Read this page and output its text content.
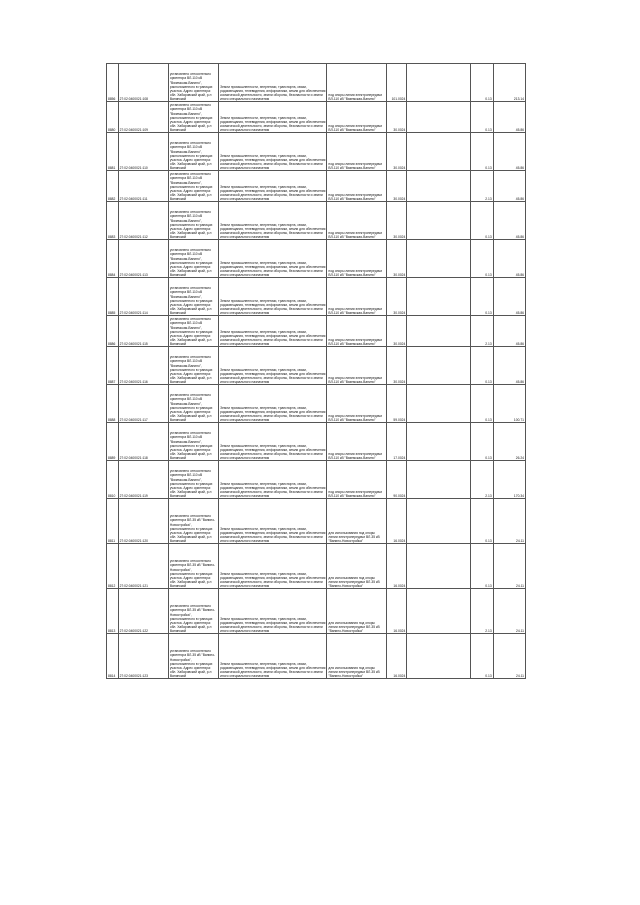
8856	27:02:0400021:108	установлено относительно ориентира ВЛ-110 кВ "Вяземская-Ванино", расположенного в границах участка. Адрес ориентира: обл. Хабаровский край, р-н Ванинский	Земли промышленности, энергетики, транспорта, связи, радиовещания, телевидения, информатики, земли для обеспечения космической деятельности, земли обороны, безопасности и земли иного специального назначения	под опоры линии электропередачи ВЛ-110 кВ "Вяземская-Ванино"	101.0024		0.13	213.14
8880	27:02:0400021:109	установлено относительно ориентира ВЛ-110 кВ "Вяземская-Ванино", расположенного в границах участка. Адрес ориентира: обл. Хабаровский край, р-н Ванинский	Земли промышленности, энергетики, транспорта, связи, радиовещания, телевидения, информатики, земли для обеспечения космической деятельности, земли обороны, безопасности и земли иного специального назначения	под опоры линии электропередачи ВЛ-110 кВ "Вяземская-Ванино"	30.0024		0.13	45.86
8881	27:02:0400021:110	установлено относительно ориентира ВЛ-110 кВ "Вяземская-Ванино", расположенного в границах участка. Адрес ориентира: обл. Хабаровский край, р-н Ванинский	Земли промышленности, энергетики, транспорта, связи, радиовещания, телевидения, информатики, земли для обеспечения космической деятельности, земли обороны, безопасности и земли иного специального назначения	под опоры линии электропередачи ВЛ-110 кВ "Вяземская-Ванино"	30.0024		0.13	45.86
8882	27:02:0400021:111	установлено относительно ориентира ВЛ-110 кВ "Вяземская-Ванино", расположенного в границах участка. Адрес ориентира: обл. Хабаровский край, р-н Ванинский	Земли промышленности, энергетики, транспорта, связи, радиовещания, телевидения, информатики, земли для обеспечения космической деятельности, земли обороны, безопасности и земли иного специального назначения	под опоры линии электропередачи ВЛ-110 кВ "Вяземская-Ванино"	30.0024		2.13	45.86
8883	27:02:0400021:112	установлено относительно ориентира ВЛ-110 кВ "Вяземская-Ванино", расположенного в границах участка. Адрес ориентира: обл. Хабаровский край, р-н Ванинский	Земли промышленности, энергетики, транспорта, связи, радиовещания, телевидения, информатики, земли для обеспечения космической деятельности, земли обороны, безопасности и земли иного специального назначения	под опоры линии электропередачи ВЛ-110 кВ "Вяземская-Ванино"	30.0024		0.13	45.86
8884	27:02:0400021:113	установлено относительно ориентира ВЛ-110 кВ "Вяземская-Ванино", расположенного в границах участка. Адрес ориентира: обл. Хабаровский край, р-н Ванинский	Земли промышленности, энергетики, транспорта, связи, радиовещания, телевидения, информатики, земли для обеспечения космической деятельности, земли обороны, безопасности и земли иного специального назначения	под опоры линии электропередачи ВЛ-110 кВ "Вяземская-Ванино"	30.0024		0.13	45.86
8885	27:02:0400021:114	установлено относительно ориентира ВЛ-110 кВ "Вяземская-Ванино", расположенного в границах участка. Адрес ориентира: обл. Хабаровский край, р-н Ванинский	Земли промышленности, энергетики, транспорта, связи, радиовещания, телевидения, информатики, земли для обеспечения космической деятельности, земли обороны, безопасности и земли иного специального назначения	под опоры линии электропередачи ВЛ-110 кВ "Вяземская-Ванино"	30.0024		0.13	45.86
8886	27:02:0400021:115	установлено относительно ориентира ВЛ-110 кВ "Вяземская-Ванино", расположенного в границах участка. Адрес ориентира: обл. Хабаровский край, р-н Ванинский	Земли промышленности, энергетики, транспорта, связи, радиовещания, телевидения, информатики, земли для обеспечения космической деятельности, земли обороны, безопасности и земли иного специального назначения	под опоры линии электропередачи ВЛ-110 кВ "Вяземская-Ванино"	30.0024		2.13	45.86
8887	27:02:0400021:116	установлено относительно ориентира ВЛ-110 кВ "Вяземская-Ванино", расположенного в границах участка. Адрес ориентира: обл. Хабаровский край, р-н Ванинский	Земли промышленности, энергетики, транспорта, связи, радиовещания, телевидения, информатики, земли для обеспечения космической деятельности, земли обороны, безопасности и земли иного специального назначения	под опоры линии электропередачи ВЛ-110 кВ "Вяземская-Ванино"	30.0024		0.13	45.86
8888	27:02:0400021:117	установлено относительно ориентира ВЛ-110 кВ "Вяземская-Ванино", расположенного в границах участка. Адрес ориентира: обл. Хабаровский край, р-н Ванинский	Земли промышленности, энергетики, транспорта, связи, радиовещания, телевидения, информатики, земли для обеспечения космической деятельности, земли обороны, безопасности и земли иного специального назначения	под опоры линии электропередачи ВЛ-110 кВ "Вяземская-Ванино"	59.0024		0.13	100.71
8889	27:02:0400021:118	установлено относительно ориентира ВЛ-110 кВ "Вяземская-Ванино", расположенного в границах участка. Адрес ориентира: обл. Хабаровский край, р-н Ванинский	Земли промышленности, энергетики, транспорта, связи, радиовещания, телевидения, информатики, земли для обеспечения космической деятельности, земли обороны, безопасности и земли иного специального назначения	под опоры линии электропередачи ВЛ-110 кВ "Вяземская-Ванино"	17.0024		0.13	26.24
8810	27:02:0400021:119	установлено относительно ориентира ВЛ-110 кВ "Вяземская-Ванино", расположенного в границах участка. Адрес ориентира: обл. Хабаровский край, р-н Ванинский	Земли промышленности, энергетики, транспорта, связи, радиовещания, телевидения, информатики, земли для обеспечения космической деятельности, земли обороны, безопасности и земли иного специального назначения	под опоры линии электропередачи ВЛ-110 кВ "Вяземская-Ванино"	90.0024		2.13	170.34
8811	27:02:0400021:120	установлено относительно ориентира ВЛ-35 кВ "Ванино-Новостройка", расположенного в границах участка. Адрес ориентира: обл. Хабаровский край, р-н Ванинский	Земли промышленности, энергетики, транспорта, связи, радиовещания, телевидения, информатики, земли для обеспечения космической деятельности, земли обороны, безопасности и земли иного специального назначения	для использования под опоры линии электропередачи ВЛ-35 кВ "Ванино-Новостройка"	16.0024		0.13	24.11
8812	27:02:0400021:121	установлено относительно ориентира ВЛ-35 кВ "Ванино-Новостройка", расположенного в границах участка. Адрес ориентира: обл. Хабаровский край, р-н Ванинский	Земли промышленности, энергетики, транспорта, связи, радиовещания, телевидения, информатики, земли для обеспечения космической деятельности, земли обороны, безопасности и земли иного специального назначения	для использования под опоры линии электропередачи ВЛ-35 кВ "Ванино-Новостройка"	16.0024		0.13	24.11
8813	27:02:0400021:122	установлено относительно ориентира ВЛ-35 кВ "Ванино-Новостройка", расположенного в границах участка. Адрес ориентира: обл. Хабаровский край, р-н Ванинский	Земли промышленности, энергетики, транспорта, связи, радиовещания, телевидения, информатики, земли для обеспечения космической деятельности, земли обороны, безопасности и земли иного специального назначения	для использования под опоры линии электропередачи ВЛ-35 кВ "Ванино-Новостройка"	16.0024		2.13	24.11
8814	27:02:0400021:123	установлено относительно ориентира ВЛ-35 кВ "Ванино-Новостройка", расположенного в границах участка. Адрес ориентира: обл. Хабаровский край, р-н Ванинский	Земли промышленности, энергетики, транспорта, связи, радиовещания, телевидения, информатики, земли для обеспечения космической деятельности, земли обороны, безопасности и земли иного специального назначения	для использования под опоры линии электропередачи ВЛ-35 кВ "Ванино-Новостройка"	16.0024		0.13	24.11
